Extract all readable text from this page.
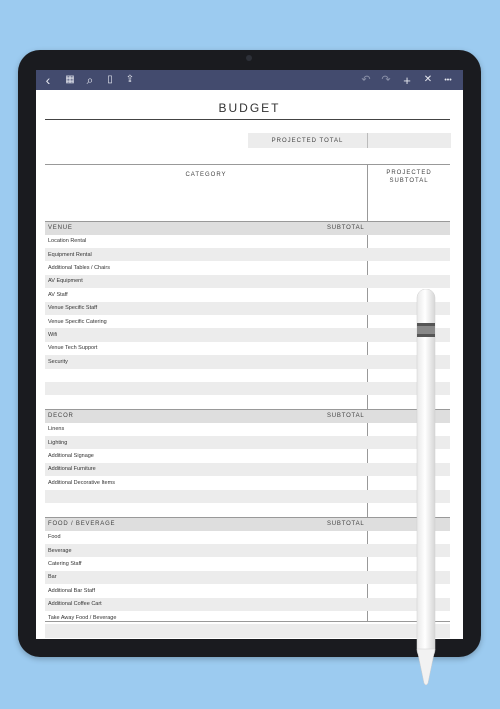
‹	▦ ⌕	▯	⇪	↶ ↷ +	✕	•••
BUDGET
PROJECTED TOTAL
CATEGORY	PROJECTED
SUBTOTAL
VENUE	SUBTOTAL
Location Rental
Equipment Rental
Additional Tables / Chairs
AV Equipment
AV Staff
Venue Specific Staff
Venue Specific Catering
Wifi
Venue Tech Support
Security
DECOR	SUBTOTAL
Linens
Lighting
Additional Signage
Additional Furniture
Additional Decorative Items
FOOD / BEVERAGE	SUBTOTAL
Food
Beverage
Catering Staff
Bar
Additional Bar Staff
Additional Coffee Cart
Take Away Food / Beverage
